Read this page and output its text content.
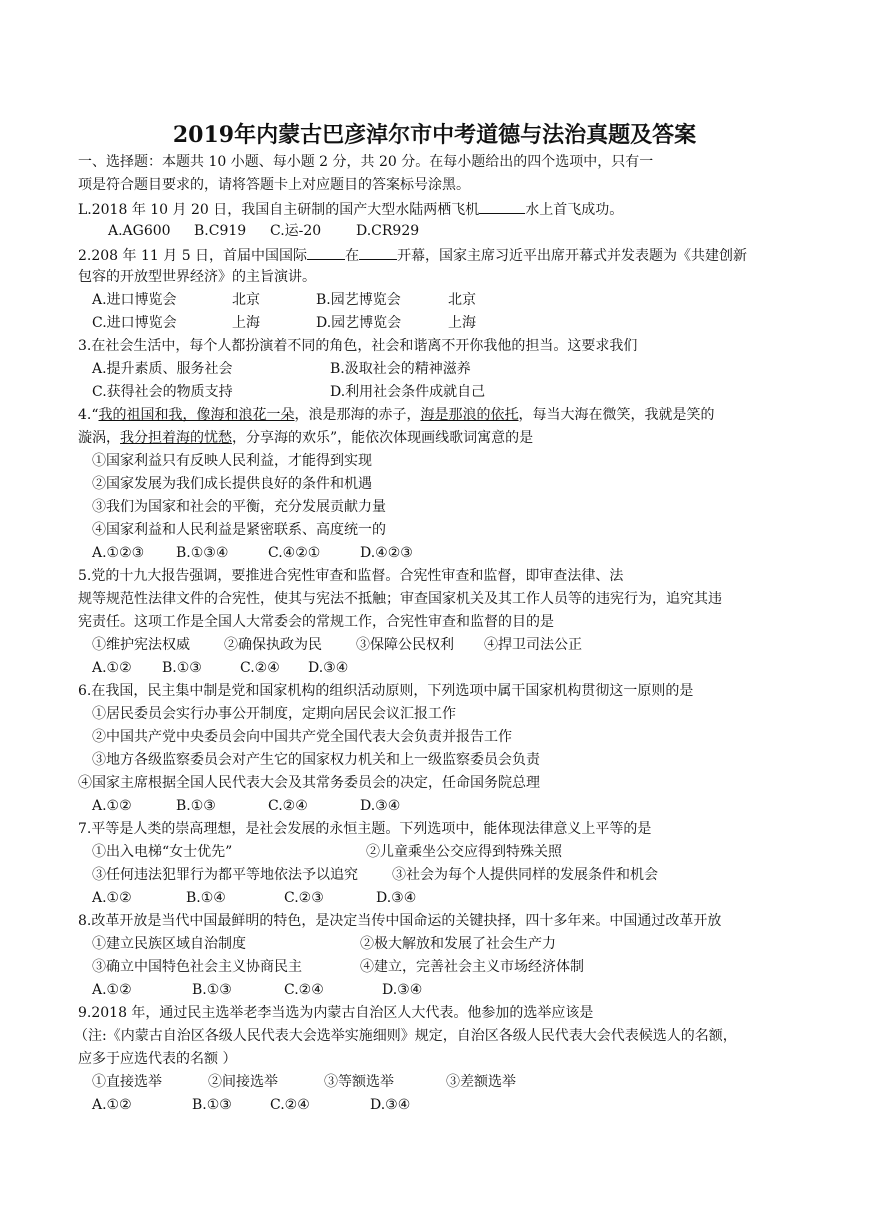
2019年内蒙古巴彦淖尔市中考道德与法治真题及答案
一、选择题：本题共 10 小题、每小题 2 分，共 20 分。在每小题给出的四个选项中，只有一
项是符合题目要求的，请将答题卡上对应题目的答案标号涂黑。
L.2018 年 10 月 20 日，我国自主研制的国产大型水陆两栖飞机	水上首飞成功。
A.AG600 B.C919 C.运-20 D.CR929
2.208 年 11 月 5 日，首届中国国际	在	开幕，国家主席习近平出席开幕式并发表题为《共建创新
包容的开放型世界经济》的主旨演讲。
A.进口博览会	北京	B.园艺博览会	北京
C.进口博览会	上海	D.园艺博览会	上海
3.在社会生活中，每个人都扮演着不同的角色，社会和谐离不开你我他的担当。这要求我们
A.提升素质、服务社会	B.汲取社会的精神滋养
C.获得社会的物质支持	D.利用社会条件成就自己
4.“我的祖国和我，像海和浪花一朵，浪是那海的赤子，海是那浪的依托，每当大海在微笑，我就是笑的
漩涡，我分担着海的忧愁，分享海的欢乐”，能依次体现画线歌词寓意的是
①国家利益只有反映人民利益，才能得到实现
②国家发展为我们成长提供良好的条件和机遇
③我们为国家和社会的平衡，充分发展贡献力量
④国家利益和人民利益是紧密联系、高度统一的
A.①②③ B.①③④	C.④②①	D.④②③
5.党的十九大报告强调，要推进合宪性审查和监督。合宪性审查和监督，即审查法律、法
规等规范性法律文件的合宪性，使其与宪法不抵触；审查国家机关及其工作人员等的违宪行为，追究其违
宪责任。这项工作是全国人大常委会的常规工作，合宪性审查和监督的目的是
①维护宪法权威 ②确保执政为民 ③保障公民权利 ④捍卫司法公正
A.①② B.①③	C.②④ D.③④
6.在我国，民主集中制是党和国家机构的组织活动原则，下列选项中属干国家机构贯彻这一原则的是
①居民委员会实行办事公开制度，定期向居民会议汇报工作
②中国共产党中央委员会向中国共产党全国代表大会负责并报告工作
③地方各级监察委员会对产生它的国家权力机关和上一级监察委员会负责
④国家主席根据全国人民代表大会及其常务委员会的决定，任命国务院总理
A.①②	B.①③	C.②④	D.③④
7.平等是人类的崇高理想，是社会发展的永恒主题。下列选项中，能体现法律意义上平等的是
①出入电梯“女士优先”	②儿童乘坐公交应得到特殊关照
③任何违法犯罪行为都平等地依法予以追究 ③社会为每个人提供同样的发展条件和机会
A.①②	B.①④	C.②③	D.③④
8.改革开放是当代中国最鲜明的特色，是决定当传中国命运的关键抉择，四十多年来。中国通过改革开放
①建立民族区域自治制度	②极大解放和发展了社会生产力
③确立中国特色社会主义协商民主	④建立，完善社会主义市场经济体制
A.①②	B.①③	C.②④	D.③④
9.2018 年，通过民主选举老李当选为内蒙古自治区人大代表。他参加的选举应该是
（注:《内蒙古自治区各级人民代表大会选举实施细则》规定，自治区各级人民代表大会代表候选人的名额，
应多于应选代表的名额 ）
①直接选举	②间接选举	③等额选举	③差额选举
A.①②	B.①③	C.②④	D.③④
